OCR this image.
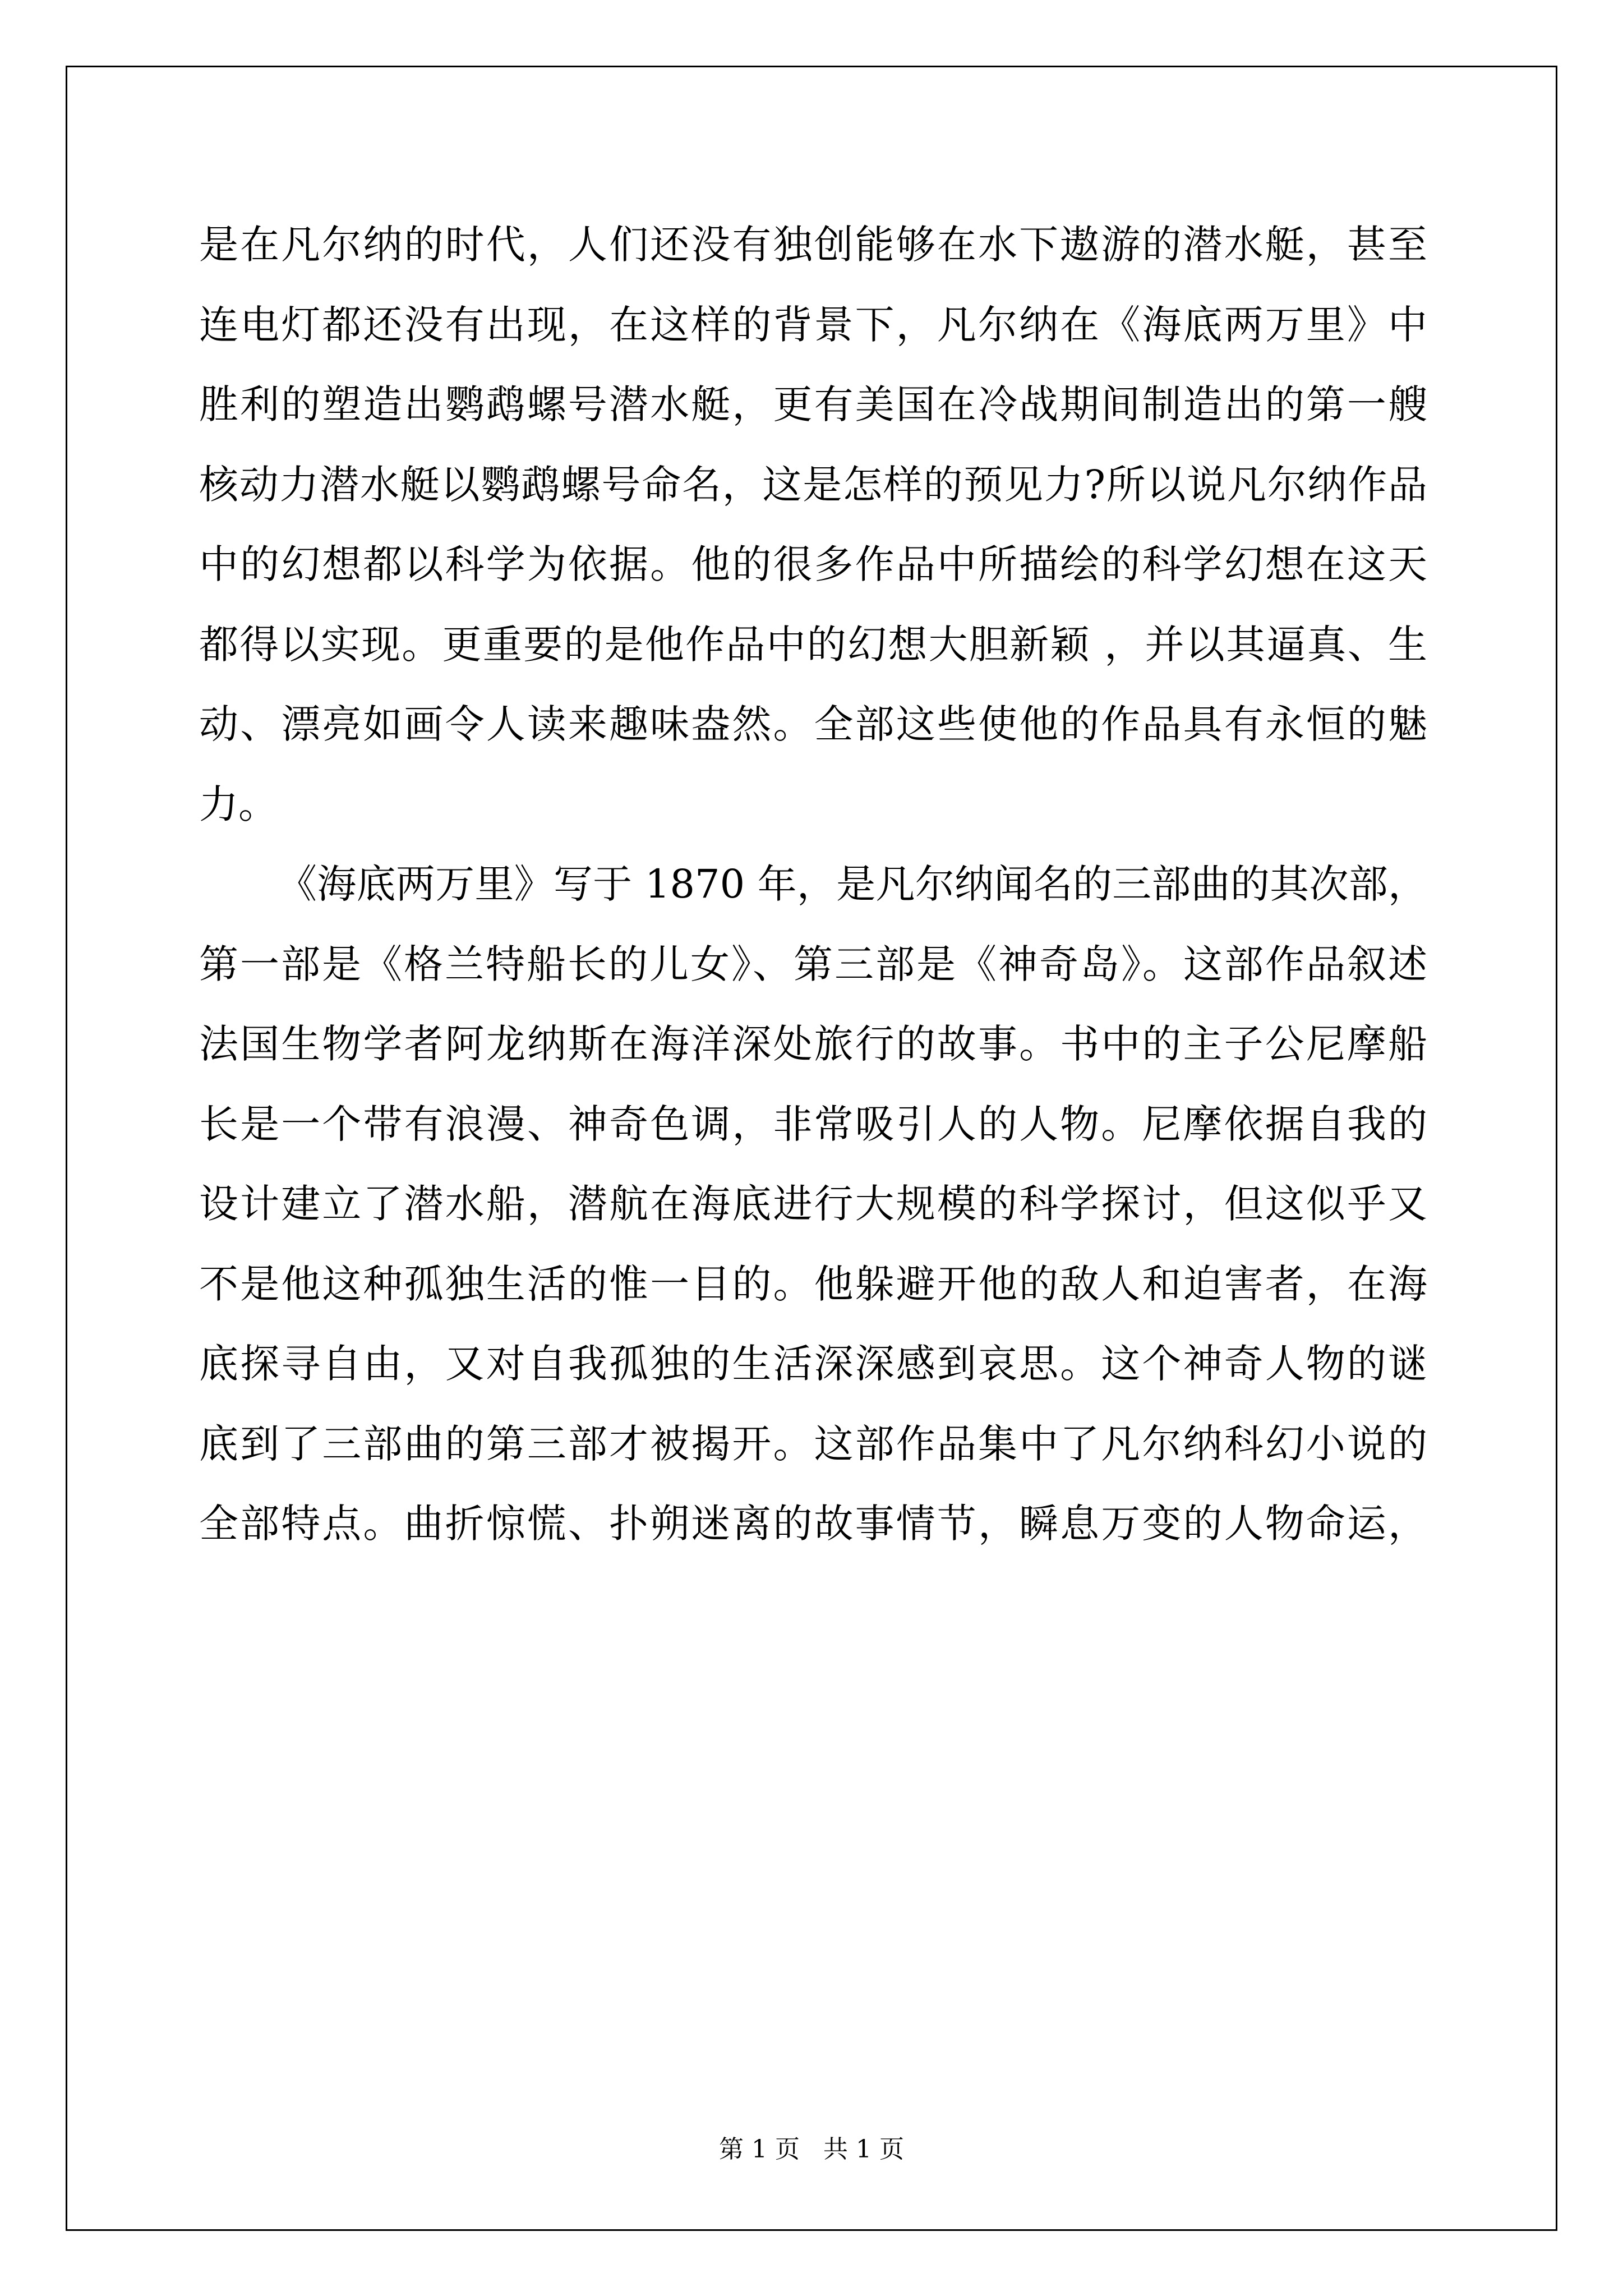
是在凡尔纳的时代，人们还没有独创能够在水下遨游的潜水艇，甚至
连电灯都还没有出现，在这样的背景下，凡尔纳在《海底两万里》中
胜利的塑造出鹦鹉螺号潜水艇，更有美国在冷战期间制造出的第一艘
核动力潜水艇以鹦鹉螺号命名，这是怎样的预见力?所以说凡尔纳作品
中的幻想都以科学为依据。他的很多作品中所描绘的科学幻想在这天
都得以实现。更重要的是他作品中的幻想大胆新颖 ，并以其逼真、生
动、漂亮如画令人读来趣味盎然。全部这些使他的作品具有永恒的魅
力。
《海底两万里》写于 1870 年，是凡尔纳闻名的三部曲的其次部，
第一部是《格兰特船长的儿女》、第三部是《神奇岛》。这部作品叙述
法国生物学者阿龙纳斯在海洋深处旅行的故事。书中的主子公尼摩船
长是一个带有浪漫、神奇色调，非常吸引人的人物。尼摩依据自我的
设计建立了潜水船，潜航在海底进行大规模的科学探讨，但这似乎又
不是他这种孤独生活的惟一目的。他躲避开他的敌人和迫害者，在海
底探寻自由，又对自我孤独的生活深深感到哀思。这个神奇人物的谜
底到了三部曲的第三部才被揭开。这部作品集中了凡尔纳科幻小说的
全部特点。曲折惊慌、扑朔迷离的故事情节，瞬息万变的人物命运，
第 1 页 共 1 页
